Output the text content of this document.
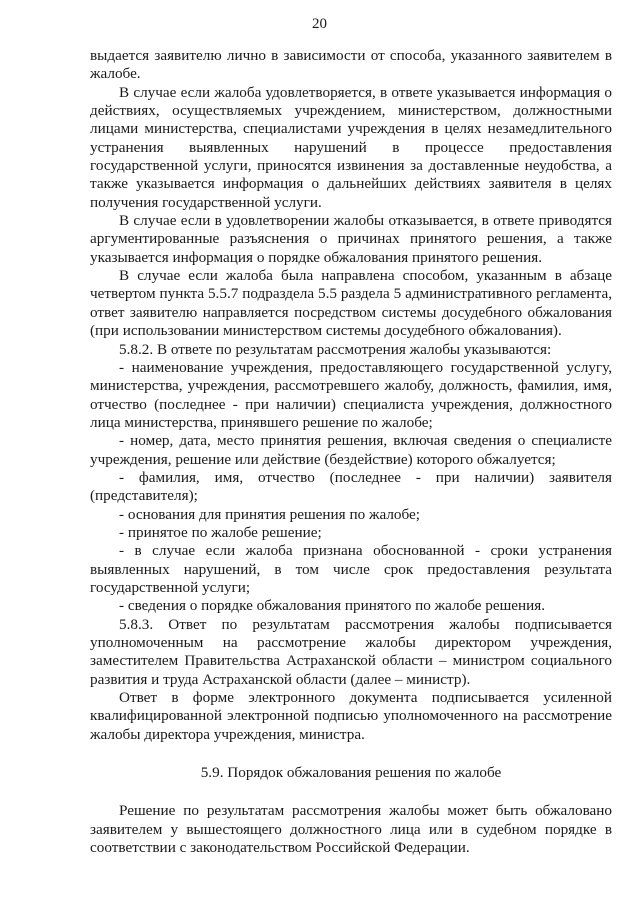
20

выдается заявителю лично в зависимости от способа, указанного заявителем в жалобе.

В случае если жалоба удовлетворяется, в ответе указывается информация о действиях, осуществляемых учреждением, министерством, должностными лицами министерства, специалистами учреждения в целях незамедлительного устранения выявленных нарушений в процессе предоставления государственной услуги, приносятся извинения за доставленные неудобства, а также указывается информация о дальнейших действиях заявителя в целях получения государственной услуги.

В случае если в удовлетворении жалобы отказывается, в ответе приводятся аргументированные разъяснения о причинах принятого решения, а также указывается информация о порядке обжалования принятого решения.

В случае если жалоба была направлена способом, указанным в абзаце четвертом пункта 5.5.7 подраздела 5.5 раздела 5 административного регламента, ответ заявителю направляется посредством системы досудебного обжалования (при использовании министерством системы досудебного обжалования).

5.8.2. В ответе по результатам рассмотрения жалобы указываются:

- наименование учреждения, предоставляющего государственной услугу, министерства, учреждения, рассмотревшего жалобу, должность, фамилия, имя, отчество (последнее - при наличии) специалиста учреждения, должностного лица министерства, принявшего решение по жалобе;

- номер, дата, место принятия решения, включая сведения о специалисте учреждения, решение или действие (бездействие) которого обжалуется;

- фамилия, имя, отчество (последнее - при наличии) заявителя (представителя);

- основания для принятия решения по жалобе;

- принятое по жалобе решение;

- в случае если жалоба признана обоснованной - сроки устранения выявленных нарушений, в том числе срок предоставления результата государственной услуги;

- сведения о порядке обжалования принятого по жалобе решения.

5.8.3. Ответ по результатам рассмотрения жалобы подписывается уполномоченным на рассмотрение жалобы директором учреждения, заместителем Правительства Астраханской области – министром социального развития и труда Астраханской области (далее – министр).

Ответ в форме электронного документа подписывается усиленной квалифицированной электронной подписью уполномоченного на рассмотрение жалобы директора учреждения, министра.

5.9. Порядок обжалования решения по жалобе

Решение по результатам рассмотрения жалобы может быть обжаловано заявителем у вышестоящего должностного лица или в судебном порядке в соответствии с законодательством Российской Федерации.
